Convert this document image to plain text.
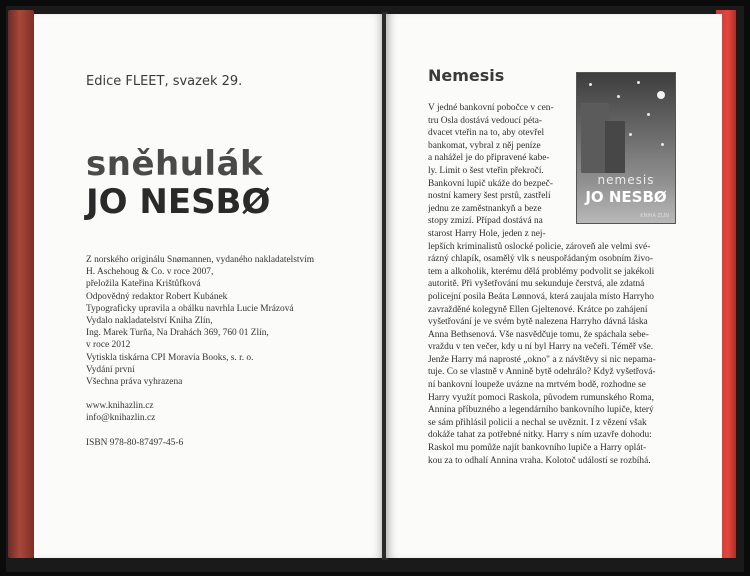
Edice FLEET, svazek 29.
sněhulák
JO NESBØ
Z norského originálu Snømannen, vydaného nakladatelstvím
H. Aschehoug & Co. v roce 2007,
přeložila Kateřina Krištůfková
Odpovědný redaktor Robert Kubánek
Typograficky upravila a obálku navrhla Lucie Mrázová
Vydalo nakladatelství Kniha Zlín,
Ing. Marek Turňa, Na Drahách 369, 760 01 Zlín,
v roce 2012
Vytiskla tiskárna CPI Moravia Books, s. r. o.
Vydání první
Všechna práva vyhrazena
www.knihazlin.cz
info@knihazlin.cz
ISBN 978-80-87497-45-6
Nemesis
nemesis
JO NESBØ
KNIHA ZLÍN
V jedné bankovní pobočce v cen-
tru Osla dostává vedoucí péta-
dvacet vteřin na to, aby otevřel
bankomat, vybral z něj peníze
a nahážel je do připravené kabe-
ly. Limit o šest vteřin překročí.
Bankovní lupič ukáže do bezpeč-
nostní kamery šest prstů, zastřelí
jednu ze zaměstnankyň a beze
stopy zmizí. Případ dostává na
starost Harry Hole, jeden z nej-
lepších kriminalistů oslocké policie, zároveň ale velmi své-
rázný chlapík, osamělý vlk s neuspořádaným osobním živo-
tem a alkoholik, kterému dělá problémy podvolit se jakékoli
autoritě. Při vyšetřování mu sekunduje čerstvá, ale zdatná
policejní posila Beáta Lønnová, která zaujala místo Harryho
zavražděné kolegyně Ellen Gjeltenové. Krátce po zahájení
vyšetřování je ve svém bytě nalezena Harryho dávná láska
Anna Bethsenová. Vše nasvědčuje tomu, že spáchala sebe-
vraždu v ten večer, kdy u ní byl Harry na večeři. Téměř vše.
Jenže Harry má naprosté „okno" a z návštěvy si nic nepama-
tuje. Co se vlastně v Annině bytě odehrálo? Když vyšetřová-
ní bankovní loupeže uvázne na mrtvém bodě, rozhodne se
Harry využít pomoci Raskola, původem rumunského Roma,
Annina příbuzného a legendárního bankovního lupiče, který
se sám přihlásil policii a nechal se uvěznit. I z vězení však
dokáže tahat za potřebné nitky. Harry s ním uzavře dohodu:
Raskol mu pomůže najít bankovního lupiče a Harry oplát-
kou za to odhalí Annina vraha. Kolotoč událostí se rozbíhá.
